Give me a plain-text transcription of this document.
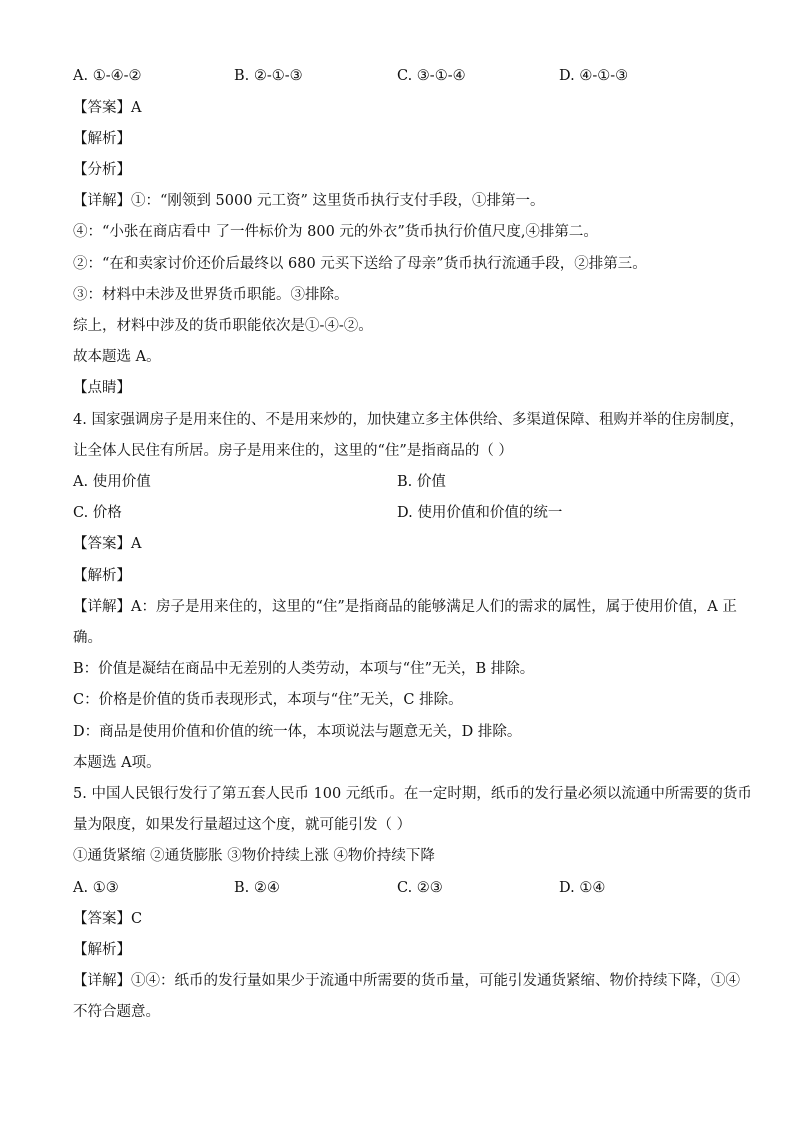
A. ①-④-②	B. ②-①-③	C. ③-①-④	D. ④-①-③
【答案】A
【解析】
【分析】
【详解】①：“刚领到 5000 元工资” 这里货币执行支付手段，①排第一。
④：“小张在商店看中 了一件标价为 800 元的外衣”货币执行价值尺度,④排第二。
②：“在和卖家讨价还价后最终以 680 元买下送给了母亲”货币执行流通手段，②排第三。
③：材料中未涉及世界货币职能。③排除。
综上，材料中涉及的货币职能依次是①-④-②。
故本题选 A。
【点睛】
4. 国家强调房子是用来住的、不是用来炒的，加快建立多主体供给、多渠道保障、租购并举的住房制度，
让全体人民住有所居。房子是用来住的，这里的“住”是指商品的（ ）
A. 使用价值	B. 价值
C. 价格	D. 使用价值和价值的统一
【答案】A
【解析】
【详解】A：房子是用来住的，这里的“住”是指商品的能够满足人们的需求的属性，属于使用价值，A 正
确。
B：价值是凝结在商品中无差别的人类劳动，本项与“住”无关，B 排除。
C：价格是价值的货币表现形式，本项与“住”无关，C 排除。
D：商品是使用价值和价值的统一体，本项说法与题意无关，D 排除。
本题选 A项。
5. 中国人民银行发行了第五套人民币 100 元纸币。在一定时期，纸币的发行量必须以流通中所需要的货币
量为限度，如果发行量超过这个度，就可能引发（ ）
①通货紧缩 ②通货膨胀 ③物价持续上涨 ④物价持续下降
A. ①③	B. ②④	C. ②③	D. ①④
【答案】C
【解析】
【详解】①④：纸币的发行量如果少于流通中所需要的货币量，可能引发通货紧缩、物价持续下降，①④
不符合题意。
